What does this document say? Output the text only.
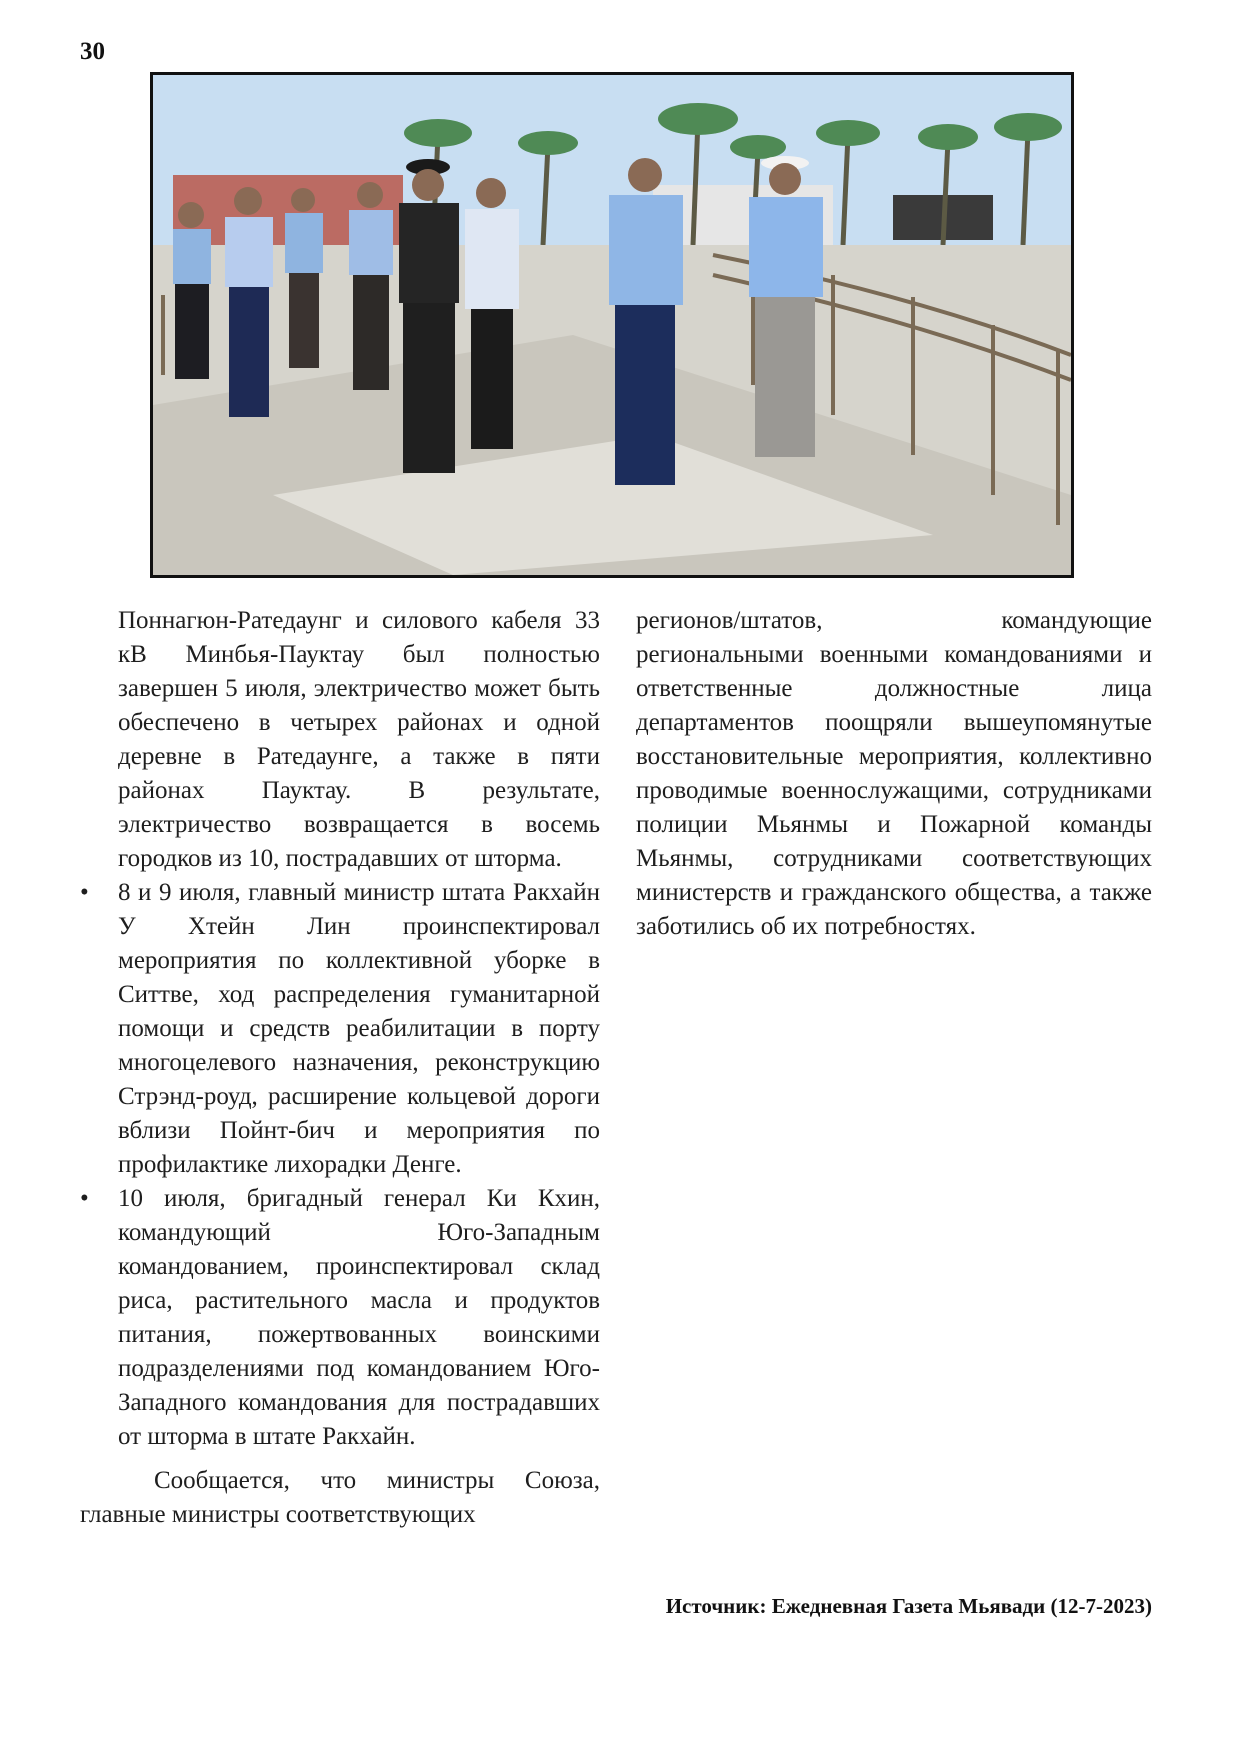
30

Поннагюн-Ратедаунг и силового кабеля 33 кВ Минбья-Пауктау был полностью завершен 5 июля, электричество может быть обеспечено в четырех районах и одной деревне в Ратедаунге, а также в пяти районах Пауктау. В результате, электричество возвращается в восемь городков из 10, пострадавших от шторма.

• 8 и 9 июля, главный министр штата Ракхайн У Хтейн Лин проинспектировал мероприятия по коллективной уборке в Ситтве, ход распределения гуманитарной помощи и средств реабилитации в порту многоцелевого назначения, реконструкцию Стрэнд-роуд, расширение кольцевой дороги вблизи Пойнт-бич и мероприятия по профилактике лихорадки Денге.
• 10 июля, бригадный генерал Ки Кхин, командующий Юго-Западным командованием, проинспектировал склад риса, растительного масла и продуктов питания, пожертвованных воинскими подразделениями под командованием Юго-Западного командования для пострадавших от шторма в штате Ракхайн.

Сообщается, что министры Союза, главные министры соответствующих

регионов/штатов, командующие региональными военными командованиями и ответственные должностные лица департаментов поощряли вышеупомянутые восстановительные мероприятия, коллективно проводимые военнослужащими, сотрудниками полиции Мьянмы и Пожарной команды Мьянмы, сотрудниками соответствующих министерств и гражданского общества, а также заботились об их потребностях.

Источник: Ежедневная Газета Мьявади (12-7-2023)
